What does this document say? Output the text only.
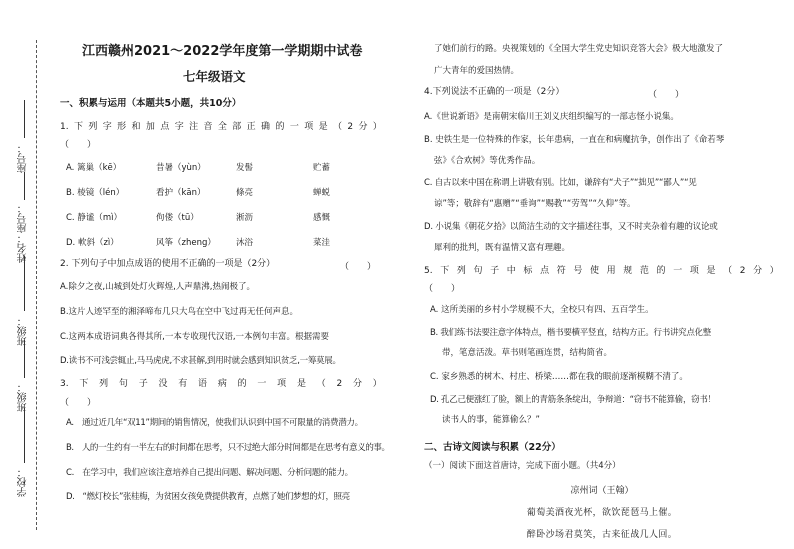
座号：
座号：
姓名：
班级：
班级：
学校：
江西赣州2021～2022学年度第一学期期中试卷
七年级语文
一、积累与运用（本题共5小题，共10分）
1. 下 列 字 形 和 加 点 字 注 音 全 部 正 确 的 一 项 是 （ 2 分 ）
（　　）
A. 篱巢（kē）	昔暑（yùn）	发髻	贮蓄
B. 棱镜（lén）	看护（kān）	條亮	蝉蜕
C. 静谧（mì）	佝偻（tū）	淅沥	感慨
D. 軟斜（zì）	风筝（zheng） 沐浴	菜洼
2. 下列句子中加点成语的使用不正确的一项是（2分）	（　　）
A.除夕之夜,山城到处灯火辉煌,人声鼎沸,热闹极了。
B.这片人迹罕至的湘泽啼布几只大鸟在空中飞过再无任何声息。
C.这两本成语词典各得其所,一本专收现代汉语,一本例句丰富。根据需要
D.读书不可浅尝辄止,马马虎虎,不求甚解,到用时就会感到知识贫乏,一筹莫展。
3. 下 列 句 子 没 有 语 病 的 一 项 是 （ 2 分 ）
（　　）
A.　通过近几年“双11”期间的销售情况，使我们认识到中国不可限量的消费潜力。
B.　人的一生约有一半左右的时间都在思考，只不过绝大部分时间都是在思考有意义的事。
C.　在学习中，我们应该注意培养自己提出问题、解决问题、分析问题的能力。
D.　“燃灯校长”张桂梅，为贫困女孩免费提供教育，点燃了她们梦想的灯，照亮
了她们前行的路。央视策划的《全国大学生党史知识竞答大会》极大地激发了
广大青年的爱国热情。
4.下列说法不正确的一项是（2分）	（　　）
A.《世说新语》是南朝宋临川王刘义庆组织编写的一部志怪小说集。
B. 史铁生是一位特殊的作家，长年患病，一直在和病魔抗争，创作出了《命若琴
弦》《合欢树》等优秀作品。
C. 自古以来中国在称谓上讲敬有别。比如，谦辞有“犬子”“拙见”“鄙人”“见
谅”等；敬辞有“惠赠”“垂询”“赐教”“劳驾”“久仰”等。
D. 小说集《朝花夕拾》以简洁生动的文字描述往事，又不时夹杂着有趣的议论或
犀利的批判，既有温情又富有理趣。
5. 下 列 句 子 中 标 点 符 号 使 用 规 范 的 一 项 是 （ 2 分 ）
（　　）
A. 这所美丽的乡村小学规模不大，全校只有四、五百学生。
B. 我们练书法要注意字体特点，楷书要横平竖直，结构方正。行书讲究点化整
带，笔意活泼。草书则笔画连贯，结构简省。
C. 家乡熟悉的树木、村庄、桥梁……都在我的眼前逐渐模糊不清了。
D. 孔乙己便涨红了脸，额上的青筋条条绽出，争辩道：“窃书不能算偷，窃书！
读书人的事，能算偷么？”
二、古诗文阅读与积累（22分）
（一）阅读下面这首唐诗，完成下面小题。（共4分）
凉州词（王翰）
葡萄美酒夜光杯，欲饮琵琶马上催。
醉卧沙场君莫笑，古来征战几人回。
